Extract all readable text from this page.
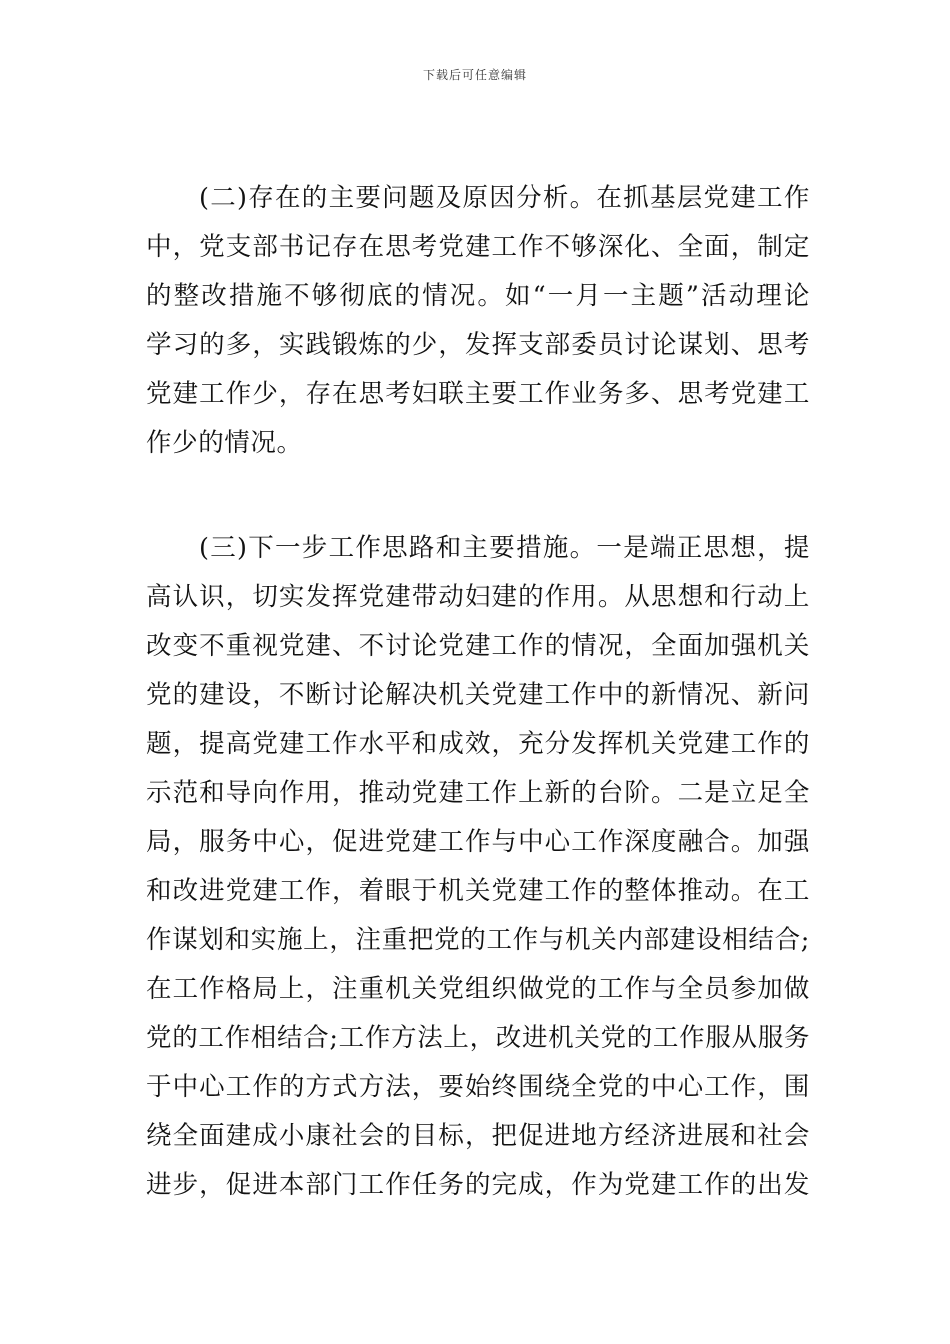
下载后可任意编辑
(二)存在的主要问题及原因分析。在抓基层党建工作
中，党支部书记存在思考党建工作不够深化、全面，制定
的整改措施不够彻底的情况。如“一月一主题”活动理论
学习的多，实践锻炼的少，发挥支部委员讨论谋划、思考
党建工作少，存在思考妇联主要工作业务多、思考党建工
作少的情况。
(三)下一步工作思路和主要措施。一是端正思想，提
高认识，切实发挥党建带动妇建的作用。从思想和行动上
改变不重视党建、不讨论党建工作的情况，全面加强机关
党的建设，不断讨论解决机关党建工作中的新情况、新问
题，提高党建工作水平和成效，充分发挥机关党建工作的
示范和导向作用，推动党建工作上新的台阶。二是立足全
局，服务中心，促进党建工作与中心工作深度融合。加强
和改进党建工作，着眼于机关党建工作的整体推动。在工
作谋划和实施上，注重把党的工作与机关内部建设相结合;
在工作格局上，注重机关党组织做党的工作与全员参加做
党的工作相结合;工作方法上，改进机关党的工作服从服务
于中心工作的方式方法，要始终围绕全党的中心工作，围
绕全面建成小康社会的目标，把促进地方经济进展和社会
进步，促进本部门工作任务的完成，作为党建工作的出发
